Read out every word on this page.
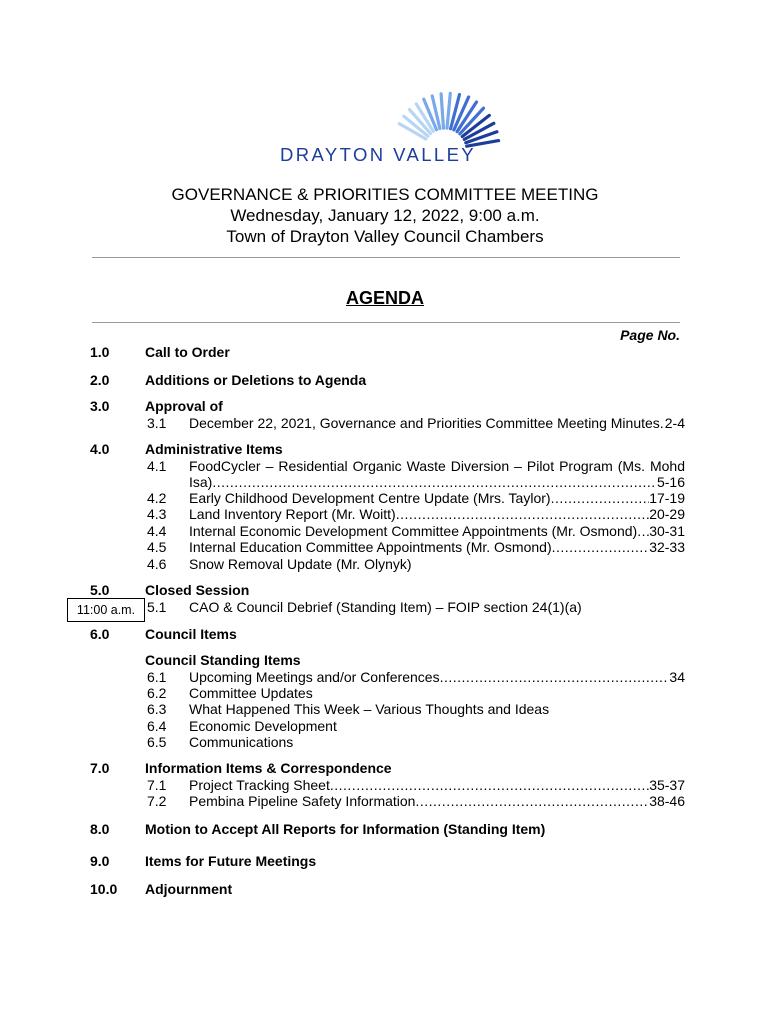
DRAYTON VALLEY
GOVERNANCE & PRIORITIES COMMITTEE MEETING
Wednesday, January 12, 2022, 9:00 a.m.
Town of Drayton Valley Council Chambers
AGENDA
Page No.
1.0	Call to Order
2.0	Additions or Deletions to Agenda
3.0	Approval of
3.1 December 22, 2021, Governance and Priorities Committee Meeting Minutes ..... 2-4
4.0	Administrative Items
4.1 FoodCycler – Residential Organic Waste Diversion – Pilot Program (Ms. Mohd
Isa) .....	5-16
4.2 Early Childhood Development Centre Update (Mrs. Taylor) .....	17-19
4.3 Land Inventory Report (Mr. Woitt) .....	20-29
4.4 Internal Economic Development Committee Appointments (Mr. Osmond) ..... 30-31
4.5 Internal Education Committee Appointments (Mr. Osmond) .....	32-33
4.6 Snow Removal Update (Mr. Olynyk)
5.0	Closed Session
5.1 CAO & Council Debrief (Standing Item) – FOIP section 24(1)(a)
11:00 a.m.
6.0	Council Items
Council Standing Items
6.1 Upcoming Meetings and/or Conferences .....	34
6.2 Committee Updates
6.3 What Happened This Week – Various Thoughts and Ideas
6.4 Economic Development
6.5 Communications
7.0	Information Items & Correspondence
7.1 Project Tracking Sheet .....	35-37
7.2 Pembina Pipeline Safety Information .....	38-46
8.0	Motion to Accept All Reports for Information (Standing Item)
9.0	Items for Future Meetings
10.0 Adjournment
